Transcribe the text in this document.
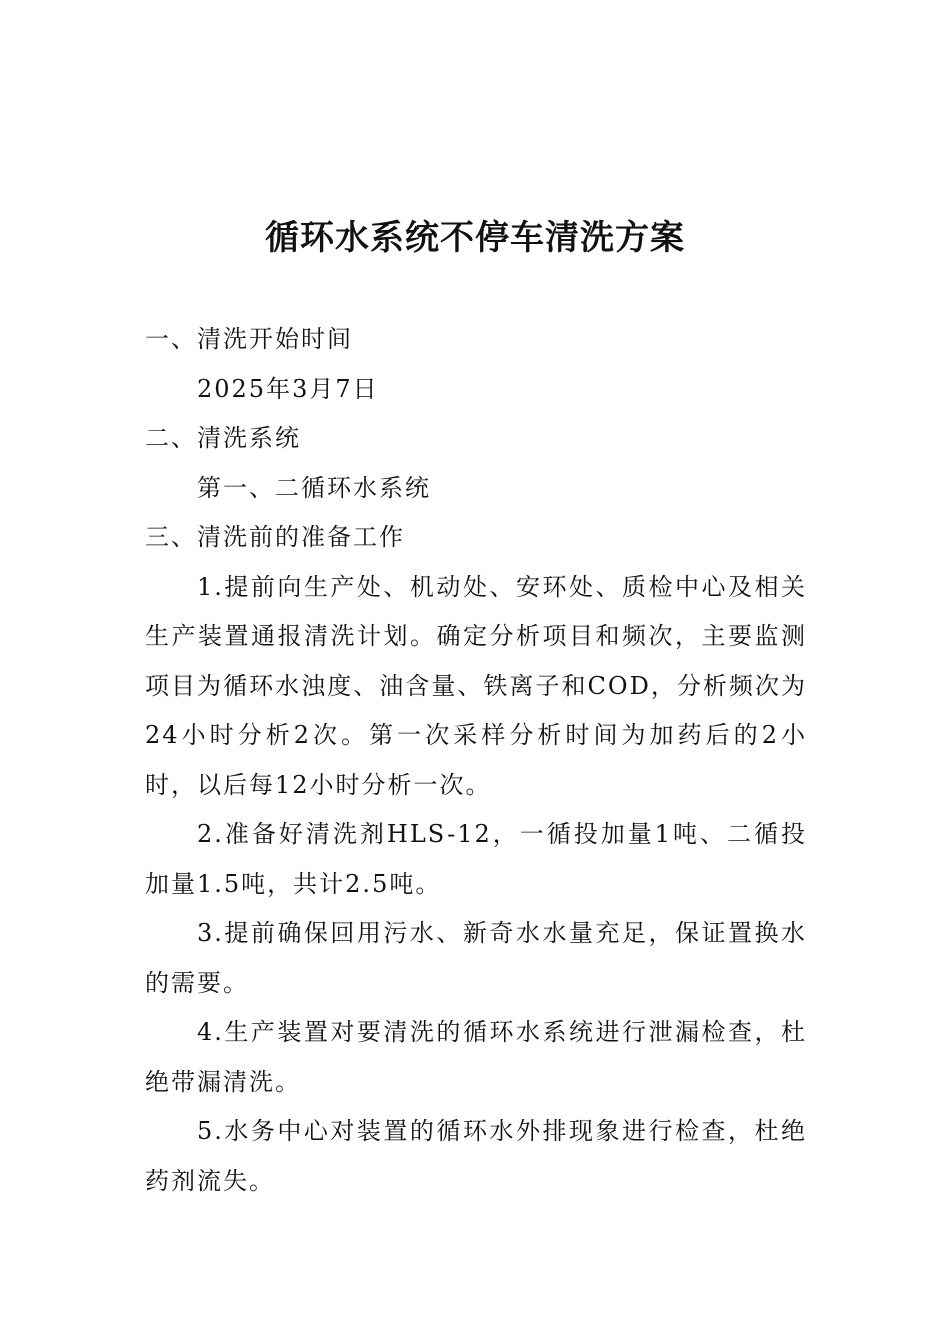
循环水系统不停车清洗方案

一、清洗开始时间

2025年3月7日

二、清洗系统

第一、二循环水系统

三、清洗前的准备工作

1.提前向生产处、机动处、安环处、质检中心及相关生产装置通报清洗计划。确定分析项目和频次，主要监测项目为循环水浊度、油含量、铁离子和COD，分析频次为24小时分析2次。第一次采样分析时间为加药后的2小时，以后每12小时分析一次。

2.准备好清洗剂HLS-12，一循投加量1吨、二循投加量1.5吨，共计2.5吨。

3.提前确保回用污水、新奇水水量充足，保证置换水的需要。

4.生产装置对要清洗的循环水系统进行泄漏检查，杜绝带漏清洗。

5.水务中心对装置的循环水外排现象进行检查，杜绝药剂流失。
